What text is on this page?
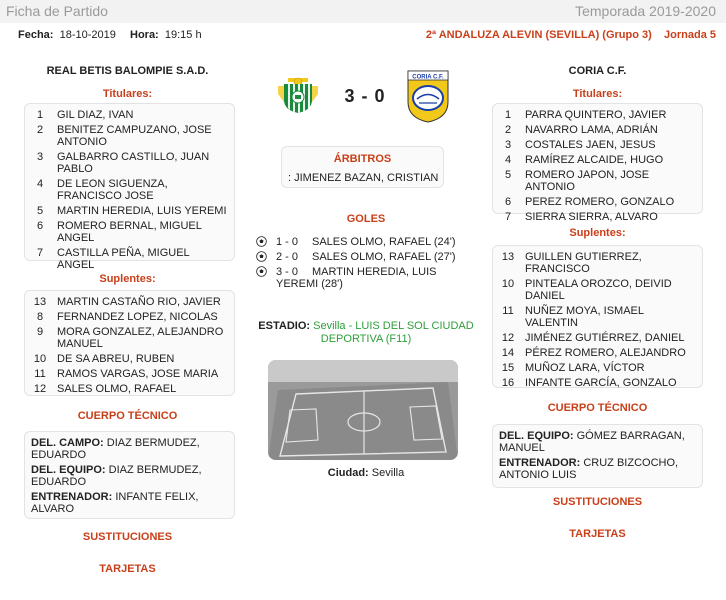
Ficha de Partido	Temporada 2019-2020
Fecha: 18-10-2019 Hora: 19:15 h	2ª ANDALUZA ALEVIN (SEVILLA) (Grupo 3) Jornada 5
REAL BETIS BALOMPIE S.A.D.
Titulares:
1	GIL DIAZ, IVAN
2	BENITEZ CAMPUZANO, JOSE ANTONIO
3	GALBARRO CASTILLO, JUAN PABLO
4	DE LEON SIGUENZA, FRANCISCO JOSE
5	MARTIN HEREDIA, LUIS YEREMI
6	ROMERO BERNAL, MIGUEL ANGEL
7	CASTILLA PEÑA, MIGUEL ANGEL
Suplentes:
13 MARTIN CASTAÑO RIO, JAVIER
8	FERNANDEZ LOPEZ, NICOLAS
9	MORA GONZALEZ, ALEJANDRO MANUEL
10 DE SA ABREU, RUBEN
11 RAMOS VARGAS, JOSE MARIA
12 SALES OLMO, RAFAEL
CUERPO TÉCNICO
DEL. CAMPO: DIAZ BERMUDEZ, EDUARDO
DEL. EQUIPO: DIAZ BERMUDEZ, EDUARDO
ENTRENADOR: INFANTE FELIX, ALVARO
SUSTITUCIONES
TARJETAS
3 - 0
CORIA C.F.
ÁRBITROS
: JIMENEZ BAZAN, CRISTIAN
GOLES
1 - 0 SALES OLMO, RAFAEL (24')
2 - 0 SALES OLMO, RAFAEL (27')
3 - 0 MARTIN HEREDIA, LUIS YEREMI (28')
ESTADIO: Sevilla - LUIS DEL SOL CIUDAD DEPORTIVA (F11)
Ciudad: Sevilla
CORIA C.F.
Titulares:
1	PARRA QUINTERO, JAVIER
2	NAVARRO LAMA, ADRIÁN
3	COSTALES JAEN, JESUS
4	RAMÍREZ ALCAIDE, HUGO
5	ROMERO JAPON, JOSE ANTONIO
6	PEREZ ROMERO, GONZALO
7	SIERRA SIERRA, ALVARO
Suplentes:
13 GUILLEN GUTIERREZ, FRANCISCO
10 PINTEALA OROZCO, DEIVID DANIEL
11 NUÑEZ MOYA, ISMAEL VALENTIN
12 JIMÉNEZ GUTIÉRREZ, DANIEL
14 PÉREZ ROMERO, ALEJANDRO
15 MUÑOZ LARA, VÍCTOR
16 INFANTE GARCÍA, GONZALO
CUERPO TÉCNICO
DEL. EQUIPO: GÓMEZ BARRAGAN, MANUEL
ENTRENADOR: CRUZ BIZCOCHO, ANTONIO LUIS
SUSTITUCIONES
TARJETAS
